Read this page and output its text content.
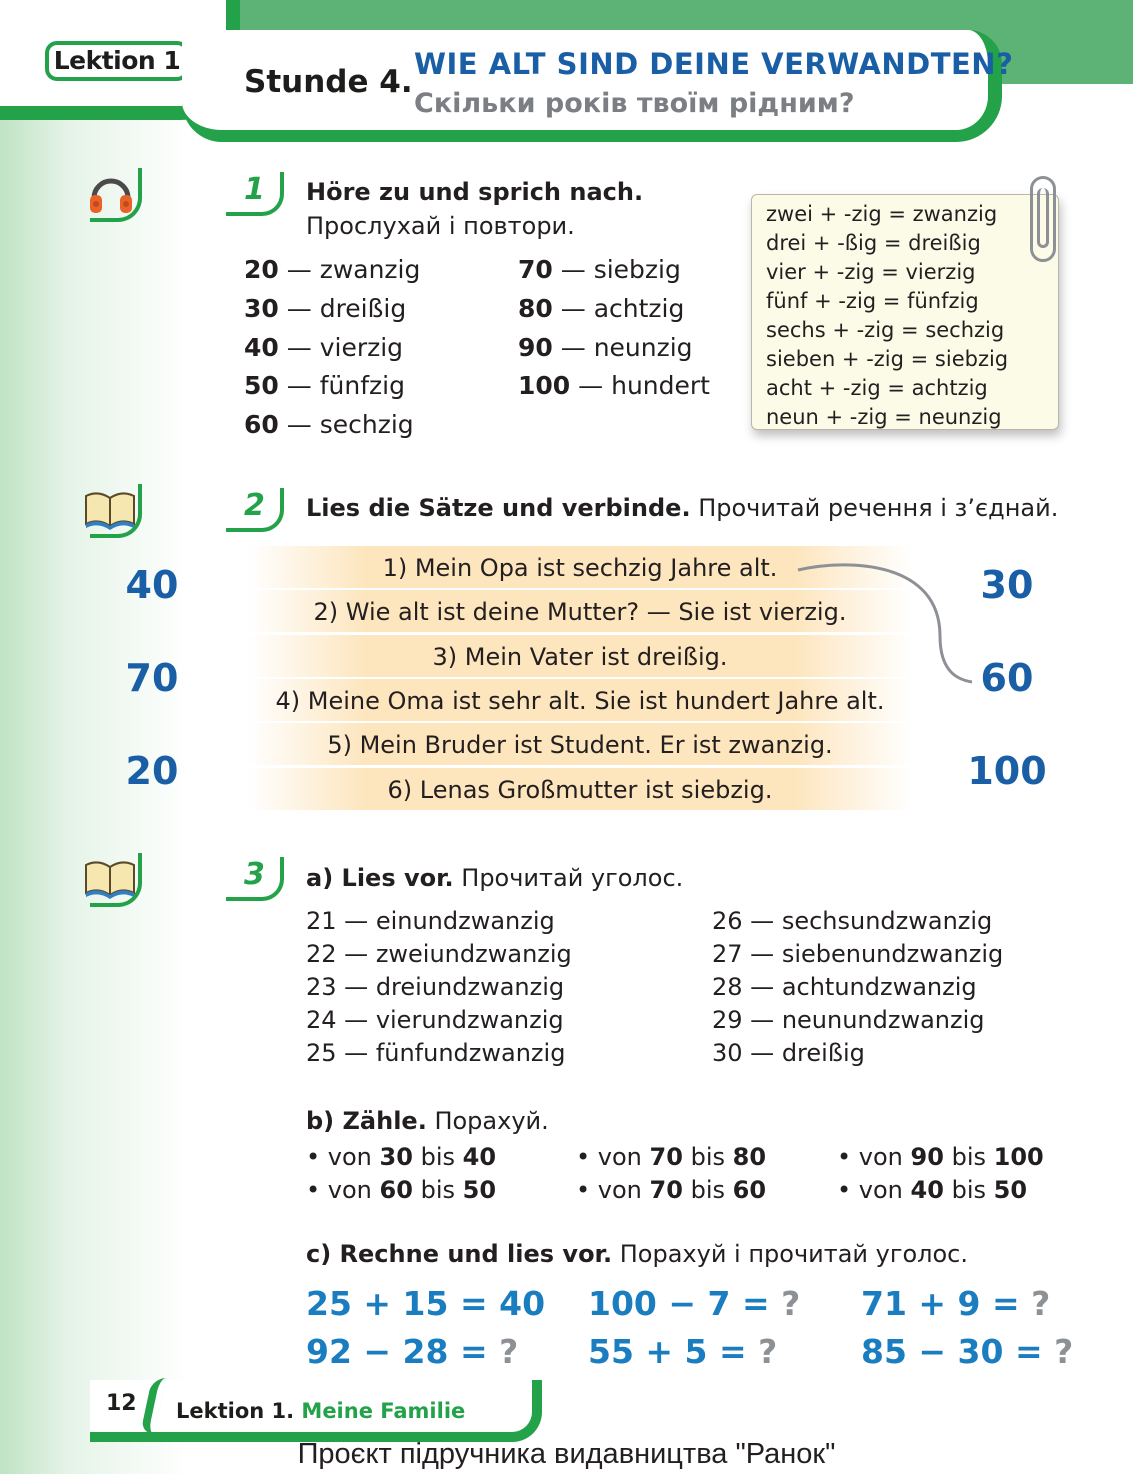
Lektion 1
Stunde 4. WIE ALT SIND DEINE VERWANDTEN?
Скільки років твоїм рідним?
1 Höre zu und sprich nach.
Прослухай і повтори.
20 — zwanzig
30 — dreißig
40 — vierzig
50 — fünfzig
60 — sechzig
70 — siebzig
80 — achtzig
90 — neunzig
100 — hundert
zwei + -zig = zwanzig
drei + -ßig = dreißig
vier + -zig = vierzig
fünf + -zig = fünfzig
sechs + -zig = sechzig
sieben + -zig = siebzig
acht + -zig = achtzig
neun + -zig = neunzig
2 Lies die Sätze und verbinde. Прочитай речення і з’єднай.
1) Mein Opa ist sechzig Jahre alt.
2) Wie alt ist deine Mutter? — Sie ist vierzig.
3) Mein Vater ist dreißig.
4) Meine Oma ist sehr alt. Sie ist hundert Jahre alt.
5) Mein Bruder ist Student. Er ist zwanzig.
6) Lenas Großmutter ist siebzig.
40
70
20
30
60
100
3 a) Lies vor. Прочитай уголос.
21 — einundzwanzig
22 — zweiundzwanzig
23 — dreiundzwanzig
24 — vierundzwanzig
25 — fünfundzwanzig
26 — sechsundzwanzig
27 — siebenundzwanzig
28 — achtundzwanzig
29 — neunundzwanzig
30 — dreißig
b) Zähle. Порахуй.
• von 30 bis 40	• von 70 bis 80	• von 90 bis 100
• von 60 bis 50	• von 70 bis 60	• von 40 bis 50
c) Rechne und lies vor. Порахуй і прочитай уголос.
25 + 15 = 40 100 − 7 = ? 71 + 9 = ?
92 − 28 = ? 55 + 5 = ?	85 − 30 = ?
12 Lektion 1. Meine Familie
Проєкт підручника видавництва "Ранок"
